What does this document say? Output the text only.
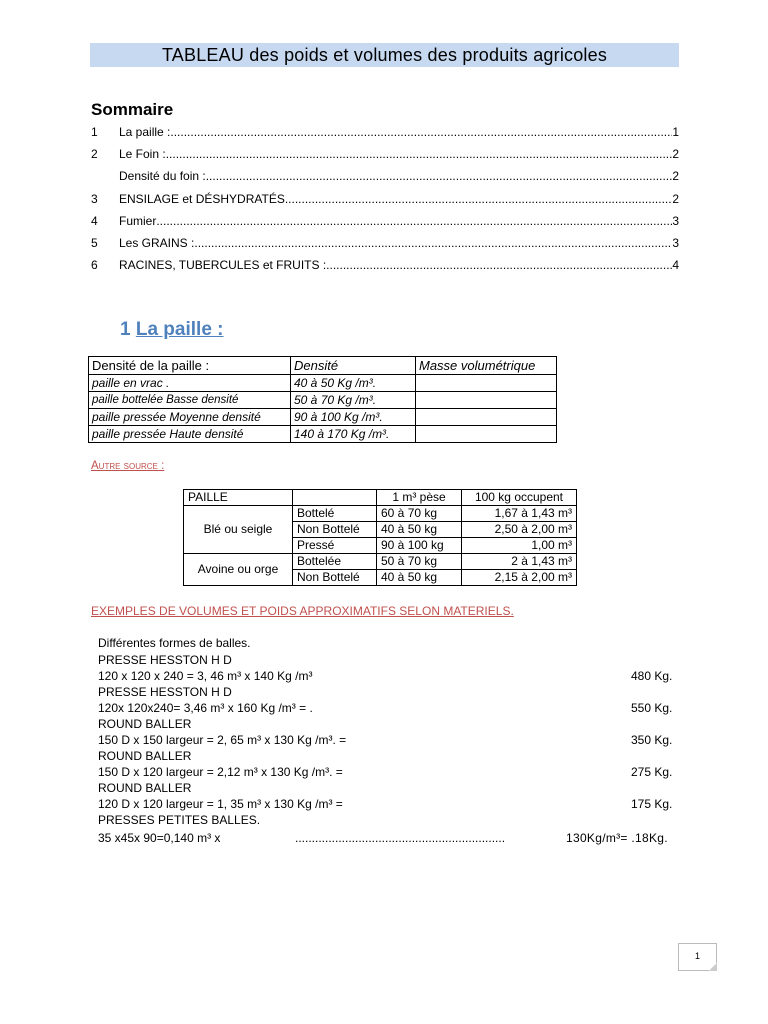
TABLEAU des poids et volumes des produits agricoles
Sommaire
1	La paille : .....	1
2	Le Foin : .....	2
Densité du foin : .....	2
3	ENSILAGE et DÉSHYDRATÉS .....	2
4	Fumier .....	3
5	Les GRAINS : .....	3
6	RACINES, TUBERCULES et FRUITS : .....	4
1 La paille :
Densité de la paille :	Densité	Masse volumétrique
paille en vrac .	40 à 50 Kg /m³.	
paille bottelée Basse densité	50 à 70 Kg /m³.	
paille pressée Moyenne densité	90 à 100 Kg /m³.	
paille pressée Haute densité	140 à 170 Kg /m³.	
Autre source :
PAILLE		1 m³ pèse	100 kg occupent
Blé ou seigle	Bottelé	60 à 70 kg	1,67 à 1,43 m³
	Non Bottelé	40 à 50 kg	2,50 à 2,00 m³
	Pressé	90 à 100 kg	1,00 m³
Avoine ou orge	Bottelée	50 à 70 kg	2 à 1,43 m³
	Non Bottelé	40 à 50 kg	2,15 à 2,00 m³
EXEMPLES DE VOLUMES ET POIDS APPROXIMATIFS SELON MATERIELS.
Différentes formes de balles.
PRESSE HESSTON H D
120 x 120 x 240 = 3, 46 m³ x 140 Kg /m³	480 Kg.
PRESSE HESSTON H D
120x 120x240= 3,46 m³ x 160 Kg /m³ = .	550 Kg.
ROUND BALLER
150 D x 150 largeur = 2, 65 m³ x 130 Kg /m³. =	350 Kg.
ROUND BALLER
150 D x 120 largeur = 2,12 m³ x 130 Kg /m³. =	275 Kg.
ROUND BALLER
120 D x 120 largeur = 1, 35 m³ x 130 Kg /m³ =	175 Kg.
PRESSES PETITES BALLES.
35 x45x 90=0,140 m³ x	...............................................................	130Kg/m³= .18Kg.
1
